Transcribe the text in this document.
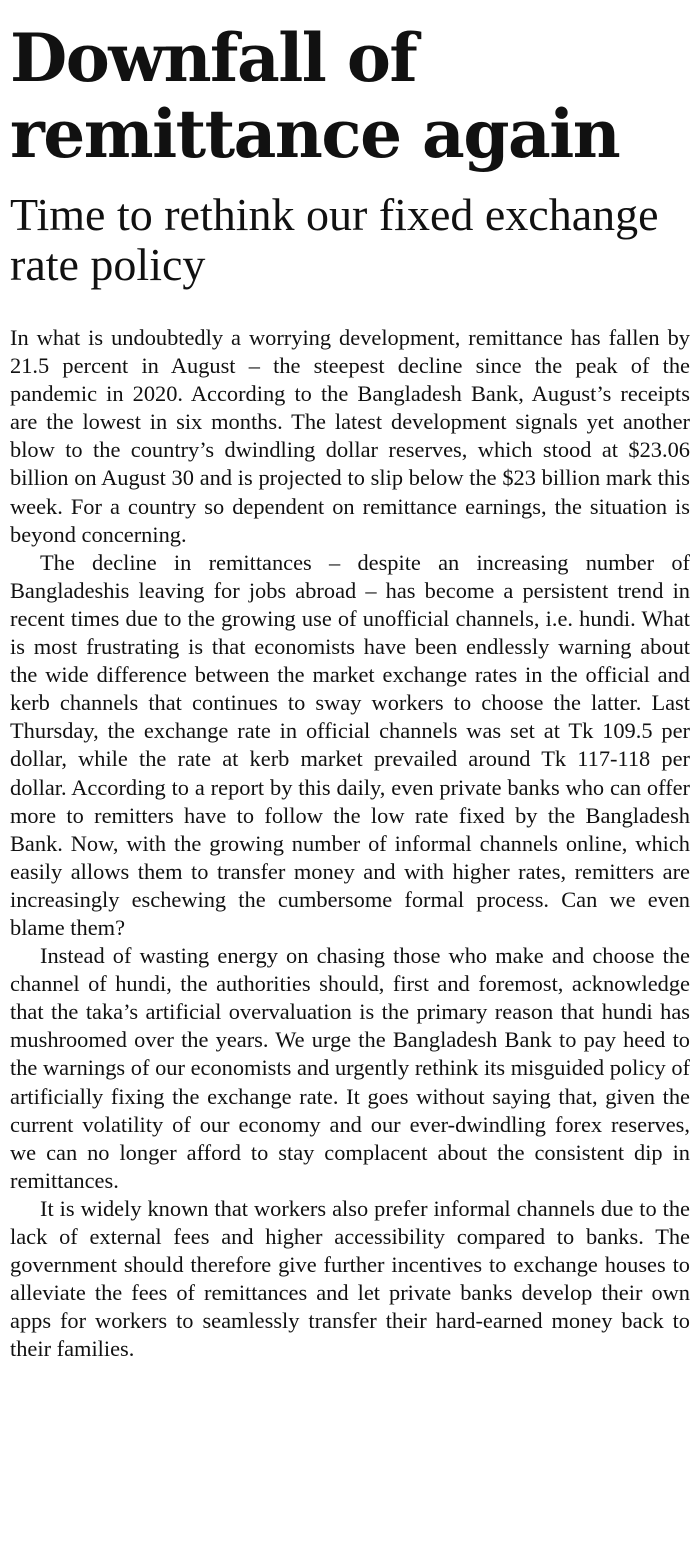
Downfall of remittance again
Time to rethink our fixed exchange rate policy

In what is undoubtedly a worrying development, remittance has fallen by 21.5 percent in August – the steepest decline since the peak of the pandemic in 2020. According to the Bangladesh Bank, August’s receipts are the lowest in six months. The latest development signals yet another blow to the country’s dwindling dollar reserves, which stood at $23.06 billion on August 30 and is projected to slip below the $23 billion mark this week. For a country so dependent on remittance earnings, the situation is beyond concerning.

The decline in remittances – despite an increasing number of Bangladeshis leaving for jobs abroad – has become a persistent trend in recent times due to the growing use of unofficial channels, i.e. hundi. What is most frustrating is that economists have been endlessly warning about the wide difference between the market exchange rates in the official and kerb channels that continues to sway workers to choose the latter. Last Thursday, the exchange rate in official channels was set at Tk 109.5 per dollar, while the rate at kerb market prevailed around Tk 117-118 per dollar. According to a report by this daily, even private banks who can offer more to remitters have to follow the low rate fixed by the Bangladesh Bank. Now, with the growing number of informal channels online, which easily allows them to transfer money and with higher rates, remitters are increasingly eschewing the cumbersome formal process. Can we even blame them?

Instead of wasting energy on chasing those who make and choose the channel of hundi, the authorities should, first and foremost, acknowledge that the taka’s artificial overvaluation is the primary reason that hundi has mushroomed over the years. We urge the Bangladesh Bank to pay heed to the warnings of our economists and urgently rethink its misguided policy of artificially fixing the exchange rate. It goes without saying that, given the current volatility of our economy and our ever-dwindling forex reserves, we can no longer afford to stay complacent about the consistent dip in remittances.

It is widely known that workers also prefer informal channels due to the lack of external fees and higher accessibility compared to banks. The government should therefore give further incentives to exchange houses to alleviate the fees of remittances and let private banks develop their own apps for workers to seamlessly transfer their hard-earned money back to their families.
